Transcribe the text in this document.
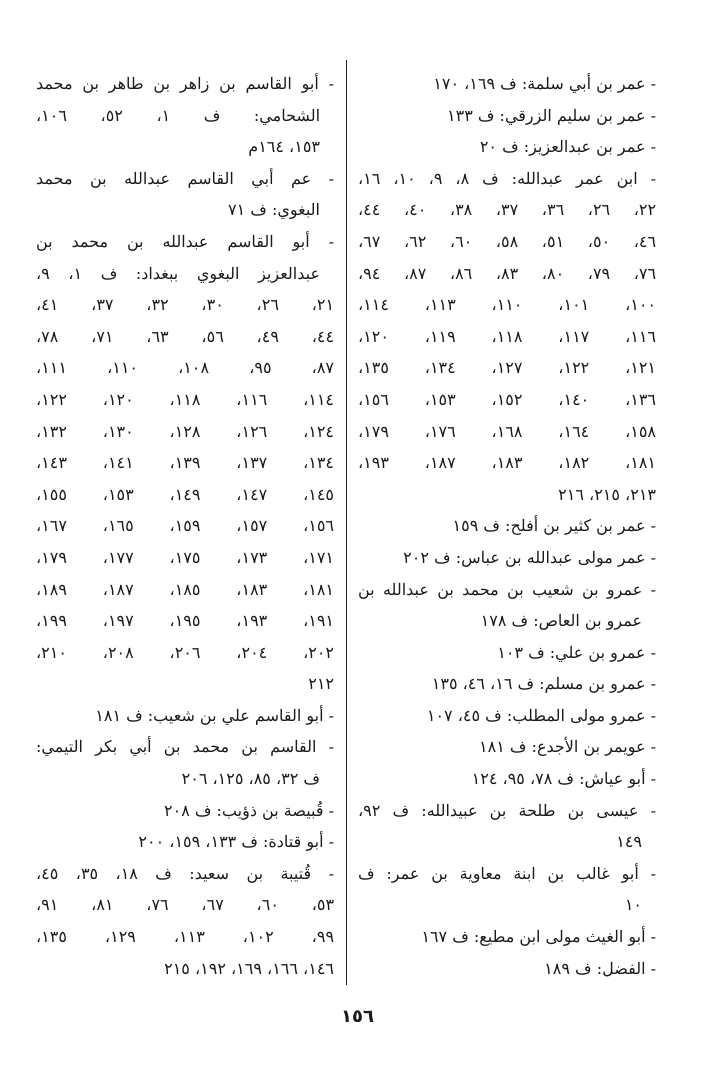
- عمر بن أبي سلمة: ف ١٦٩، ١٧٠
- عمر بن سليم الزرقي: ف ١٣٣
- عمر بن عبدالعزيز: ف ٢٠
- ابن عمر عبدالله: ف ٨، ٩، ١٠، ١٦،
٢٢، ٢٦، ٣٦، ٣٧، ٣٨، ٤٠، ٤٤،
٤٦، ٥٠، ٥١، ٥٨، ٦٠، ٦٢، ٦٧،
٧٦، ٧٩، ٨٠، ٨٣، ٨٦، ٨٧، ٩٤،
١٠٠، ١٠١، ١١٠، ١١٣، ١١٤،
١١٦، ١١٧، ١١٨، ١١٩، ١٢٠،
١٢١، ١٢٢، ١٢٧، ١٣٤، ١٣٥،
١٣٦، ١٤٠، ١٥٢، ١٥٣، ١٥٦،
١٥٨، ١٦٤، ١٦٨، ١٧٦، ١٧٩،
١٨١، ١٨٢، ١٨٣، ١٨٧، ١٩٣،
٢١٣، ٢١٥، ٢١٦
- عمر بن كثير بن أفلح: ف ١٥٩
- عمر مولى عبدالله بن عباس: ف ٢٠٢
- عمرو بن شعيب بن محمد بن عبدالله بن
عمرو بن العاص: ف ١٧٨
- عمرو بن علي: ف ١٠٣
- عمرو بن مسلم: ف ١٦، ٤٦، ١٣٥
- عمرو مولى المطلب: ف ٤٥، ١٠٧
- عويمر بن الأجدع: ف ١٨١
- أبو عياش: ف ٧٨، ٩٥، ١٢٤
- عيسى بن طلحة بن عبيدالله: ف ٩٢،
١٤٩
- أبو غالب بن ابنة معاوية بن عمر: ف
١٠
- أبو الغيث مولى ابن مطيع: ف ١٦٧
- الفضل: ف ١٨٩
- أبو القاسم بن زاهر بن طاهر بن محمد
الشحامي: ف ١، ٥٢، ١٠٦،
١٥٣، ١٦٤م
- عم أبي القاسم عبدالله بن محمد
البغوي: ف ٧١
- أبو القاسم عبدالله بن محمد بن
عبدالعزيز البغوي ببغداد: ف ١، ٩،
٢١، ٢٦، ٣٠، ٣٢، ٣٧، ٤١،
٤٤، ٤٩، ٥٦، ٦٣، ٧١، ٧٨،
٨٧، ٩٥، ١٠٨، ١١٠، ١١١،
١١٤، ١١٦، ١١٨، ١٢٠، ١٢٢،
١٢٤، ١٢٦، ١٢٨، ١٣٠، ١٣٢،
١٣٤، ١٣٧، ١٣٩، ١٤١، ١٤٣،
١٤٥، ١٤٧، ١٤٩، ١٥٣، ١٥٥،
١٥٦، ١٥٧، ١٥٩، ١٦٥، ١٦٧،
١٧١، ١٧٣، ١٧٥، ١٧٧، ١٧٩،
١٨١، ١٨٣، ١٨٥، ١٨٧، ١٨٩،
١٩١، ١٩٣، ١٩٥، ١٩٧، ١٩٩،
٢٠٢، ٢٠٤، ٢٠٦، ٢٠٨، ٢١٠،
٢١٢
- أبو القاسم علي بن شعيب: ف ١٨١
- القاسم بن محمد بن أبي بكر التيمي:
ف ٣٢، ٨٥، ١٢٥، ٢٠٦
- قُبيصة بن ذؤيب: ف ٢٠٨
- أبو قتادة: ف ١٣٣، ١٥٩، ٢٠٠
- قُتيبة بن سعيد: ف ١٨، ٣٥، ٤٥،
٥٣، ٦٠، ٦٧، ٧٦، ٨١، ٩١،
٩٩، ١٠٢، ١١٣، ١٢٩، ١٣٥،
١٤٦، ١٦٦، ١٦٩، ١٩٢، ٢١٥
١٥٦
